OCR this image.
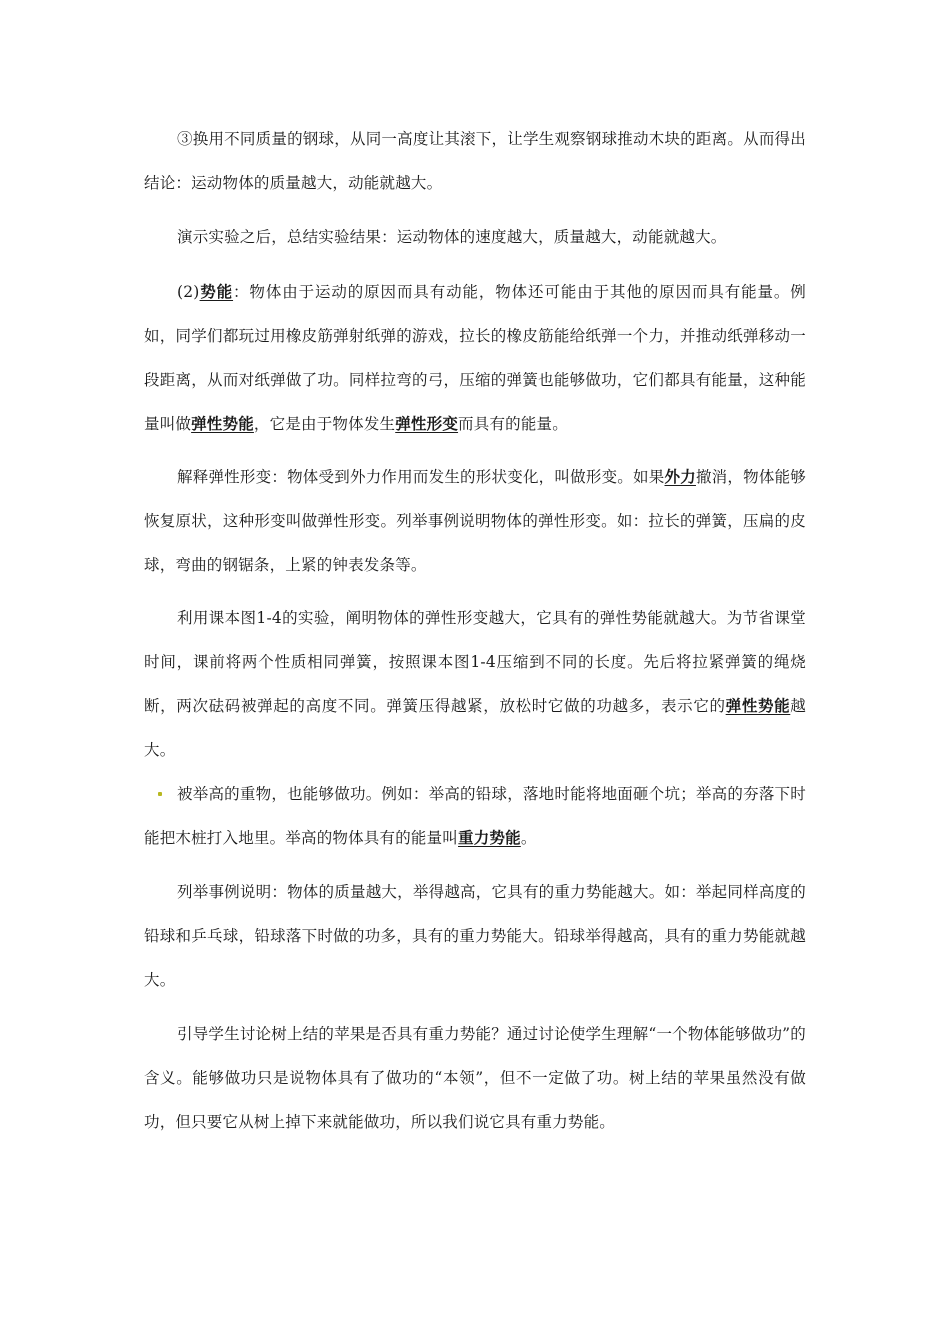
③换用不同质量的钢球，从同一高度让其滚下，让学生观察钢球推动木块的距离。从而得出结论：运动物体的质量越大，动能就越大。

演示实验之后，总结实验结果：运动物体的速度越大，质量越大，动能就越大。

(2)势能：物体由于运动的原因而具有动能，物体还可能由于其他的原因而具有能量。例如，同学们都玩过用橡皮筋弹射纸弹的游戏，拉长的橡皮筋能给纸弹一个力，并推动纸弹移动一段距离，从而对纸弹做了功。同样拉弯的弓，压缩的弹簧也能够做功，它们都具有能量，这种能量叫做弹性势能，它是由于物体发生弹性形变而具有的能量。

解释弹性形变：物体受到外力作用而发生的形状变化，叫做形变。如果外力撤消，物体能够恢复原状，这种形变叫做弹性形变。列举事例说明物体的弹性形变。如：拉长的弹簧，压扁的皮球，弯曲的钢锯条，上紧的钟表发条等。

利用课本图1-4的实验，阐明物体的弹性形变越大，它具有的弹性势能就越大。为节省课堂时间，课前将两个性质相同弹簧，按照课本图1-4压缩到不同的长度。先后将拉紧弹簧的绳烧断，两次砝码被弹起的高度不同。弹簧压得越紧，放松时它做的功越多，表示它的弹性势能越大。

被举高的重物，也能够做功。例如：举高的铅球，落地时能将地面砸个坑；举高的夯落下时能把木桩打入地里。举高的物体具有的能量叫重力势能。

列举事例说明：物体的质量越大，举得越高，它具有的重力势能越大。如：举起同样高度的铅球和乒乓球，铅球落下时做的功多，具有的重力势能大。铅球举得越高，具有的重力势能就越大。

引导学生讨论树上结的苹果是否具有重力势能？通过讨论使学生理解“一个物体能够做功”的含义。能够做功只是说物体具有了做功的“本领”，但不一定做了功。树上结的苹果虽然没有做功，但只要它从树上掉下来就能做功，所以我们说它具有重力势能。
